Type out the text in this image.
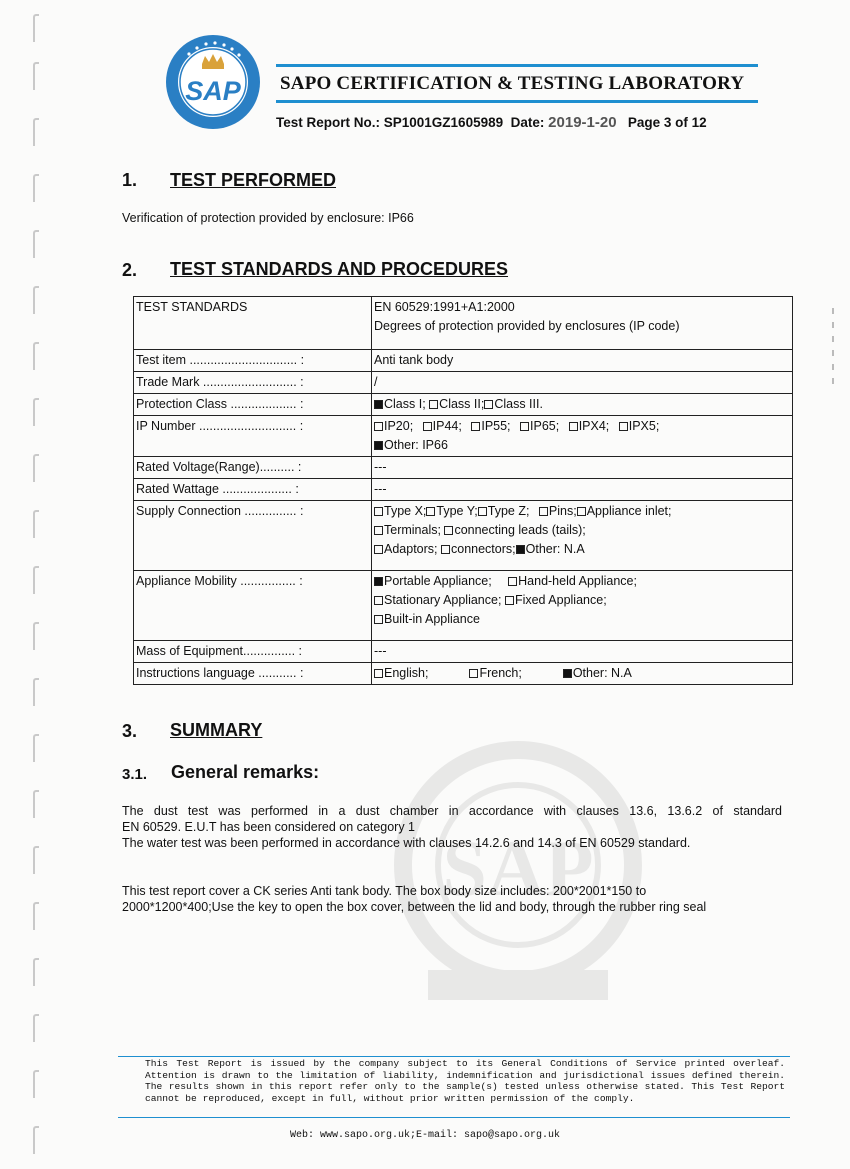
SAP
SAP SAPO CERTIFICATION & TESTING LABORATORY
Test Report No.: SP1001GZ1605989 Date: 2019-1-20 Page 3 of 12
1. TEST PERFORMED
Verification of protection provided by enclosure: IP66
2. TEST STANDARDS AND PROCEDURES
TEST STANDARDS	EN 60529:1991+A1:2000
Degrees of protection provided by enclosures (IP code)

Test item ............................... :	Anti tank body
Trade Mark ........................... :	/
Protection Class ................... :	Class I; Class II; Class III.
IP Number ............................ :	IP20; IP44; IP55; IP65; IPX4; IPX5;
Other: IP66

Rated Voltage(Range).......... :	---
Rated Wattage .................... :	---
Supply Connection ............... :	Type X; Type Y; Type Z; Pins; Appliance inlet;
Terminals; connecting leads (tails);
Adaptors; connectors; Other: N.A

Appliance Mobility ................ :	Portable Appliance; Hand-held Appliance;
Stationary Appliance; Fixed Appliance;
Built-in Appliance

Mass of Equipment............... :	---
Instructions language ........... :	English; French; Other: N.A
3. SUMMARY
3.1. General remarks:
The dust test was performed in a dust chamber in accordance with clauses 13.6, 13.6.2 of standard
EN 60529. E.U.T has been considered on category 1
The water test was been performed in accordance with clauses 14.2.6 and 14.3 of EN 60529 standard.
This test report cover a CK series Anti tank body. The box body size includes: 200*2001*150 to
2000*1200*400;Use the key to open the box cover, between the lid and body, through the rubber ring seal
This Test Report is issued by the company subject to its General Conditions of Service printed overleaf. Attention is drawn to the limitation of liability, indemnification and jurisdictional issues defined therein. The results shown in this report refer only to the sample(s) tested unless otherwise stated. This Test Report cannot be reproduced, except in full, without prior written permission of the comply.
Web: www.sapo.org.uk;E-mail: sapo@sapo.org.uk
